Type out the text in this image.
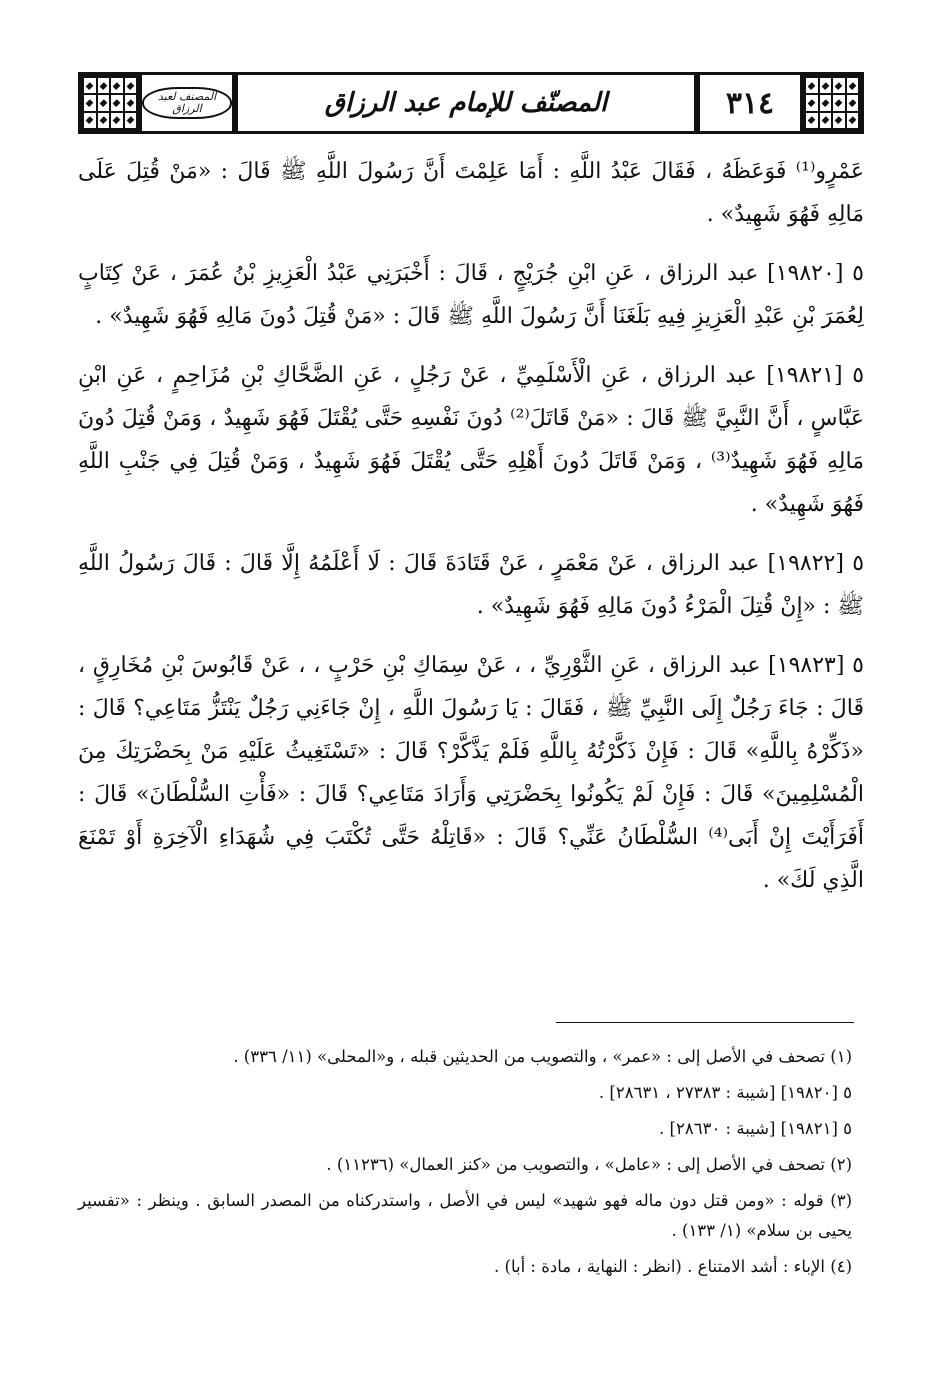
٣١٤
المصنّف للإمام عبد الرزاق
المصنف لعبد الرزاق

عَمْرٍو⁽¹⁾ فَوَعَظَهُ ، فَقَالَ عَبْدُ اللَّهِ : أَمَا عَلِمْتَ أَنَّ رَسُولَ اللَّهِ ﷺ قَالَ : «مَنْ قُتِلَ عَلَى مَالِهِ فَهُوَ شَهِيدٌ» .

٥ [١٩٨٢٠] عبد الرزاق ، عَنِ ابْنِ جُرَيْجٍ ، قَالَ : أَخْبَرَنِي عَبْدُ الْعَزِيزِ بْنُ عُمَرَ ، عَنْ كِتَابٍ لِعُمَرَ بْنِ عَبْدِ الْعَزِيزِ فِيهِ بَلَغَنَا أَنَّ رَسُولَ اللَّهِ ﷺ قَالَ : «مَنْ قُتِلَ دُونَ مَالِهِ فَهُوَ شَهِيدٌ» .

٥ [١٩٨٢١] عبد الرزاق ، عَنِ الْأَسْلَمِيِّ ، عَنْ رَجُلٍ ، عَنِ الضَّحَّاكِ بْنِ مُزَاحِمٍ ، عَنِ ابْنِ عَبَّاسٍ ، أَنَّ النَّبِيَّ ﷺ قَالَ : «مَنْ قَاتَلَ⁽²⁾ دُونَ نَفْسِهِ حَتَّى يُقْتَلَ فَهُوَ شَهِيدٌ ، وَمَنْ قُتِلَ دُونَ مَالِهِ فَهُوَ شَهِيدٌ⁽³⁾ ، وَمَنْ قَاتَلَ دُونَ أَهْلِهِ حَتَّى يُقْتَلَ فَهُوَ شَهِيدٌ ، وَمَنْ قُتِلَ فِي جَنْبِ اللَّهِ فَهُوَ شَهِيدٌ» .

٥ [١٩٨٢٢] عبد الرزاق ، عَنْ مَعْمَرٍ ، عَنْ قَتَادَةَ قَالَ : لَا أَعْلَمُهُ إِلَّا قَالَ : قَالَ رَسُولُ اللَّهِ ﷺ : «إِنْ قُتِلَ الْمَرْءُ دُونَ مَالِهِ فَهُوَ شَهِيدٌ» .

٥ [١٩٨٢٣] عبد الرزاق ، عَنِ الثَّوْرِيِّ ، ، عَنْ سِمَاكِ بْنِ حَرْبٍ ، ، عَنْ قَابُوسَ بْنِ مُخَارِقٍ ، قَالَ : جَاءَ رَجُلٌ إِلَى النَّبِيِّ ﷺ ، فَقَالَ : يَا رَسُولَ اللَّهِ ، إِنْ جَاءَنِي رَجُلٌ يَنْتَزُّ مَتَاعِي؟ قَالَ : «ذَكِّرْهُ بِاللَّهِ» قَالَ : فَإِنْ ذَكَّرْتُهُ بِاللَّهِ فَلَمْ يَذَّكَّرْ؟ قَالَ : «تَسْتَغِيثُ عَلَيْهِ مَنْ بِحَضْرَتِكَ مِنَ الْمُسْلِمِينَ» قَالَ : فَإِنْ لَمْ يَكُونُوا بِحَضْرَتِي وَأَرَادَ مَتَاعِي؟ قَالَ : «فَأْتِ السُّلْطَانَ» قَالَ : أَفَرَأَيْتَ إِنْ أَبَى⁽⁴⁾ السُّلْطَانُ عَنِّي؟ قَالَ : «قَاتِلْهُ حَتَّى تُكْتَبَ فِي شُهَدَاءِ الْآخِرَةِ أَوْ تَمْنَعَ الَّذِي لَكَ» .

(١) تصحف في الأصل إلى : «عمر» ، والتصويب من الحديثين قبله ، و«المحلى» (١١/ ٣٣٦) .

٥ [١٩٨٢٠] [شيبة : ٢٧٣٨٣ ، ٢٨٦٣١] .

٥ [١٩٨٢١] [شيبة : ٢٨٦٣٠] .

(٢) تصحف في الأصل إلى : «عامل» ، والتصويب من «كنز العمال» (١١٢٣٦) .

(٣) قوله : «ومن قتل دون ماله فهو شهيد» ليس في الأصل ، واستدركناه من المصدر السابق . وينظر : «تفسير يحيى بن سلام» (١/ ١٣٣) .

(٤) الإباء : أشد الامتناع . (انظر : النهاية ، مادة : أبا) .
